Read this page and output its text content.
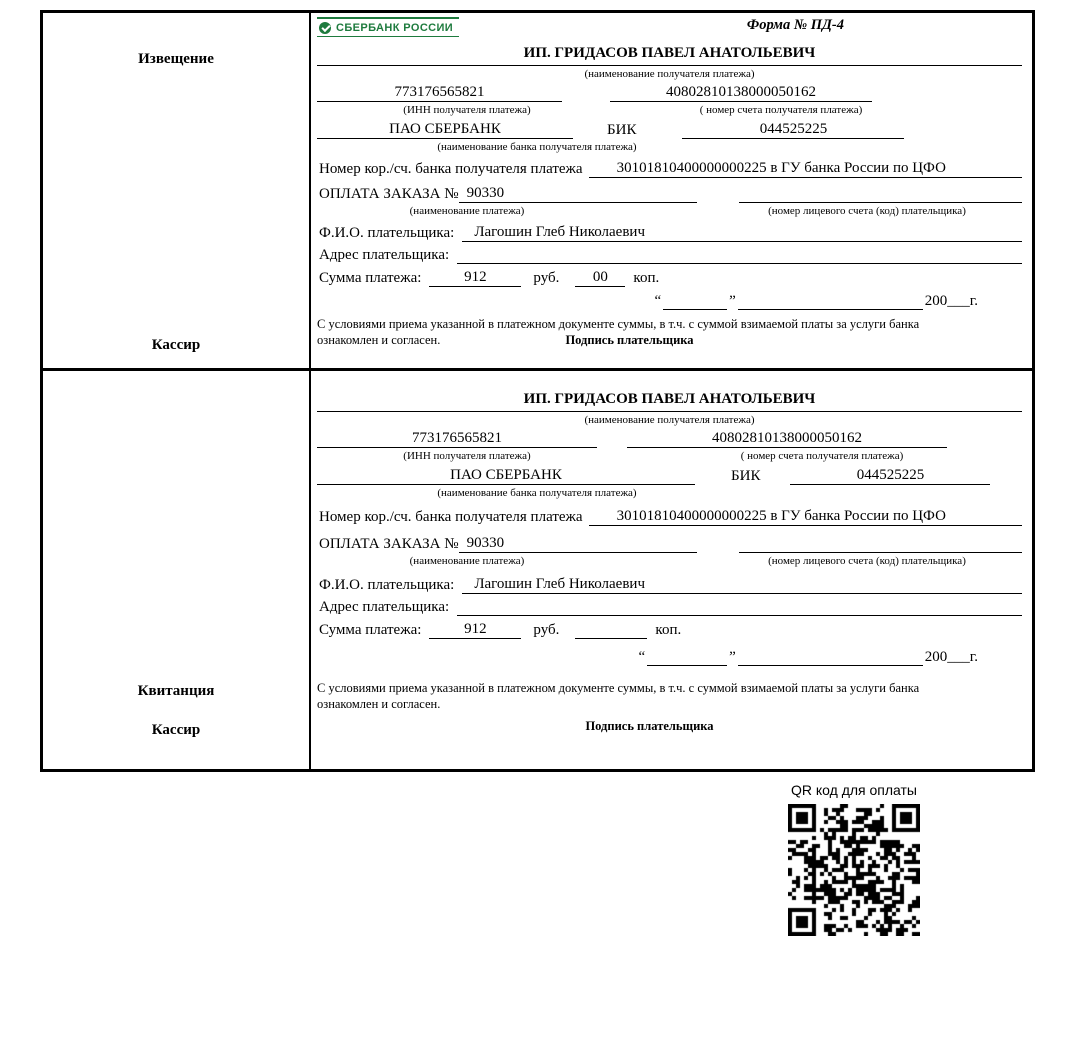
Извещение
Кассир
СБЕРБАНК РОССИИ	Форма № ПД-4
ИП. ГРИДАСОВ ПАВЕЛ АНАТОЛЬЕВИЧ
(наименование получателя платежа)
773176565821	40802810138000050162
(ИНН получателя платежа)	( номер счета получателя платежа)
ПАО СБЕРБАНК	БИК	044525225
(наименование банка получателя платежа)
Номер кор./сч. банка получателя платежа	30101810400000000225 в ГУ банка России по ЦФО
ОПЛАТА ЗАКАЗА № 90330
(наименование платежа)	(номер лицевого счета (код) плательщика)
Ф.И.О. плательщика:	Лагошин Глеб Николаевич
Адрес плательщика:
Сумма платежа:	912	руб.	00	коп.
“	”	200___г.
С условиями приема указанной в платежном документе суммы, в т.ч. с суммой взимаемой платы за услуги банка ознакомлен и согласен.	Подпись плательщика
Квитанция
Кассир
ИП. ГРИДАСОВ ПАВЕЛ АНАТОЛЬЕВИЧ
(наименование получателя платежа)
773176565821	40802810138000050162
(ИНН получателя платежа)	( номер счета получателя платежа)
ПАО СБЕРБАНК	БИК	044525225
(наименование банка получателя платежа)
Номер кор./сч. банка получателя платежа	30101810400000000225 в ГУ банка России по ЦФО
ОПЛАТА ЗАКАЗА № 90330
(наименование платежа)	(номер лицевого счета (код) плательщика)
Ф.И.О. плательщика:	Лагошин Глеб Николаевич
Адрес плательщика:
Сумма платежа:	912	руб.	коп.
“	”	200___г.
С условиями приема указанной в платежном документе суммы, в т.ч. с суммой взимаемой платы за услуги банка ознакомлен и согласен.
Подпись плательщика
QR код для оплаты
